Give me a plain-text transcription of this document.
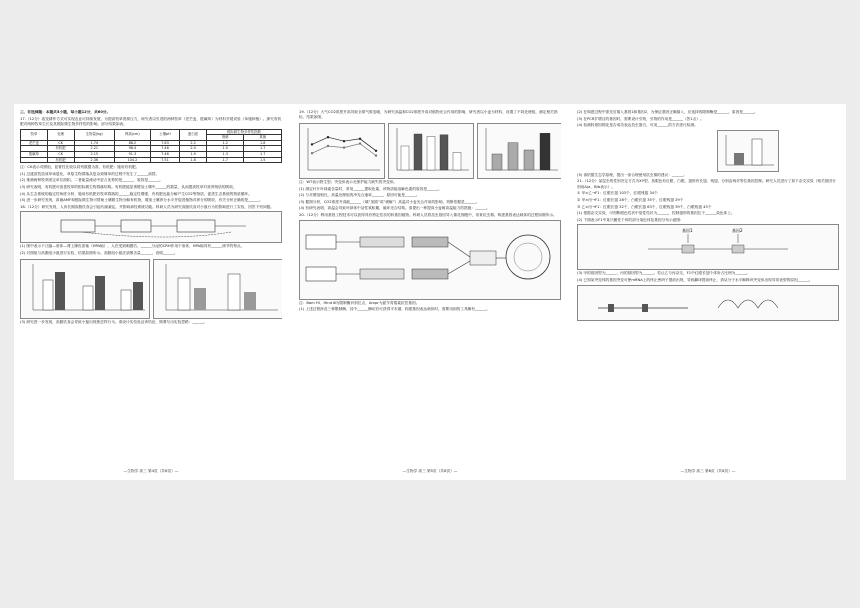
三、非选择题：本题共5小题，每小题12分，共60分。

17.（12分）改变耕作方式可实现农业可持续发展，为提高牧草资源压力，研究者以引进的两种牧草（老芒麦、披碱草）为材料开展试验（单施种植）。探究有机肥对两种牧草生长及其根际微生物多样性的影响，部分结果如表。

牧草	处理	生物量(kg)	株高(cm)	土壤pH	蛋白质	根际微生物多样性指数	
						细菌	真菌
老芒麦	CK	1.74	88.2	7.63	2.2	1.2	1.8
	有机肥	2.21	98.4	7.48	2.0	1.5	1.7
披碱草	CK	2.15	91.3	7.46	1.9	1.3	1.7
	有机肥	2.36	104.2	7.51	1.8	1.7	1.5

注：CK表示对照组，显著性比较以同列数据为准，有机肥：施用有机肥。

(1) 过渡放牧造成草场退化，草原生物群落从复杂到简单的过程中发生了______演替。

(2) 推测两种牧草固定单位面积，二者能量流动中更占优势的是______，原因是______。

(3) 研究表明，有机肥可改善牧草的根际微生物群落结构。有机肥能显著增加土壤中______的数量，从而提高牧草对营养物质的吸收。

(4) 从生态系统的稳定性角度分析，施用有机肥后牧草群落的______稳定性增强，有机肥也能分解产生CO2等物质，促进生态系统的物质循环。

(5) 进一步研究发现，真菌AMF和根际微生物可帮助土壤微生物分解有机物，增加土壤养分水平并促进植物对养分的吸收，有关分析正确的是______。

18.（12分）研究发现，人体长期高脂饮食会引起代谢紊乱，并影响神经系统功能。科研人员为研究高脂饮食对小鼠行为的影响进行了实验，回答下列问题。

(1) 图中表示下丘脑—垂体—肾上腺皮质轴（HPA轴），人在受到刺激后，______分泌的CRH作用于垂体，HPA轴具有______调节的特点。

(2) 对照组与高脂组小鼠进行实验，结果如图所示。高脂组小鼠皮质醇含量______，说明______。

(3) 研究进一步发现，高脂饮食会导致小鼠出现焦虑样行为。请设计实验验证该结论，简要写出实验思路：______。

—生物学 高三 第4页（共6页）—

19.（12分）大气CO2浓度升高导致全球气候变暖，为研究高温和CO2浓度升高对植物光合作用的影响，研究者以小麦为材料，设置了不同处理组，测定相关指标，结果如图。

注：WT表示野生型；突变体表示光保护能力缺失的突变体。

(1) 测定叶片叶绿素含量时，常用______提取色素，该物质能溶解色素的原因是______。

(2) 与对照组相比，高温处理组的净光合速率______，原因可能是______。

(3) 据图分析，CO2浓度升高能______（填“加剧”或“缓解”）高温对小麦光合作用的影响，判断依据是______。

(4) 有研究表明，高温会导致叶绿体中活性氧积累，破坏光合结构。请提出一种提高小麦耐高温能力的措施：______。

20.（12分）利用基因工程技术可以获得具有特定性状的转基因植物。科研人员将抗虫基因导入棉花细胞中，培育抗虫棉。构建基因表达载体的过程如图所示。

注：Bam HⅠ、Hind Ⅲ为限制酶识别位点，Ampr为氨苄青霉素抗性基因。

(1) 上述过程涉及三种限制酶，其中______酶切后可获得平末端，构建基因表达载体时，需要用到的工具酶有______。

—生物学 高三 第5页（共6页）—

(2) 在构建过程中需先后插入基因1和基因2，为保证基因正确插入，应选择的限制酶是______，原因是______。

(3) 在PCR扩增目的基因时，需要设计引物，引物的作用是______（答1点）。

(4) 检测转基因棉花是否成功表达抗虫蛋白，可用______的方法进行检测。

(5) 请依据生态学原理，提出一条合理使用抗虫棉的建议：______。

21.（12分）某昆虫的性别决定方式为XY型，其眼色有红眼、白眼，翅形有长翅、残翅，分别由两对等位基因控制。研究人员进行了如下杂交实验（相关基因分别用A/a、B/b表示）。

① 甲×乙→F1：红眼长翅 103个，红眼残翅 34个

② 甲×丙→F1：红眼长翅 28个，白眼长翅 35个，红眼残翅 29个

③ 乙×丙→F1：红眼长翅 32个，白眼长翅 63个，红眼残翅 39个，白眼残翅 43个

(1) 根据杂交实验，可判断眼色性状中显性性状为______，控制翅形的基因位于______染色体上。

(2) 下图表示F1中某只雌性个体的部分染色体及基因分布示意图：

基因1	基因2

(3) 甲的基因型为______，丙的基因型为______。若让乙与丙杂交，F1中红眼长翅个体所占比例为______。

(4) 已知某突变体的基因突变可使mRNA上的终止密码子提前出现，导致翻译提前终止，请从分子水平解释该突变体出现异常表型的原因______。

—生物学 高三 第6页（共6页）—
